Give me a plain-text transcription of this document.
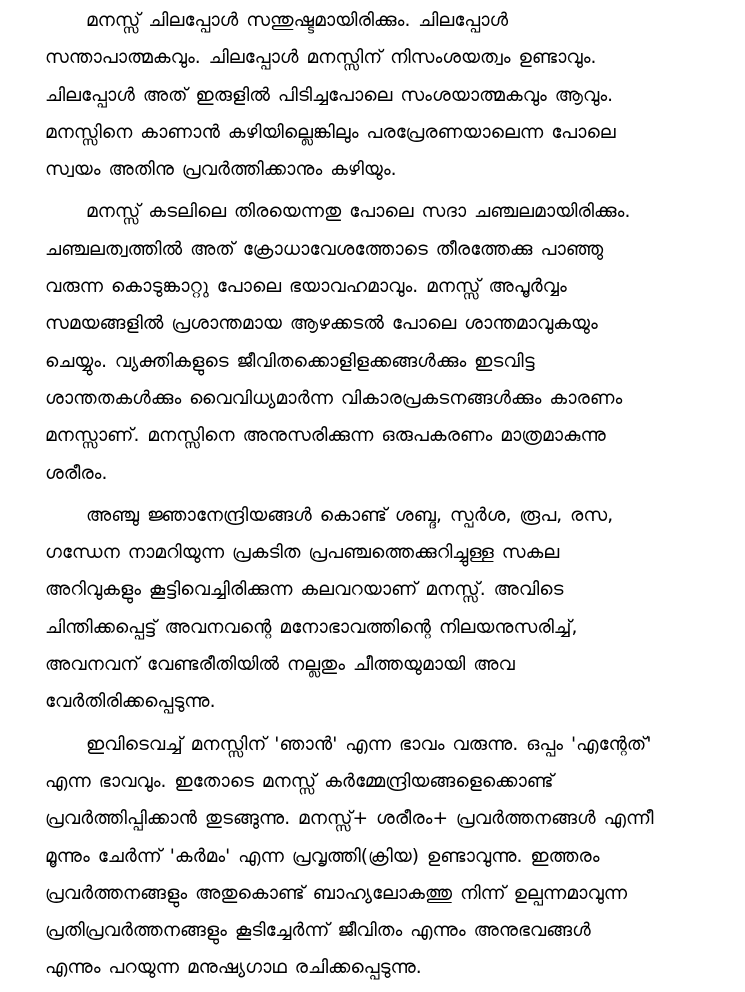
മനസ്സ് ചിലപ്പോൾ സന്തുഷ്ടമായിരിക്കും. ചിലപ്പോൾ
സന്താപാത്മകവും. ചിലപ്പോൾ മനസ്സിന് നിസംശയത്വം ഉണ്ടാവും.
ചിലപ്പോൾ അത് ഇരുളിൽ പിടിച്ചപോലെ സംശയാത്മകവും ആവും.
മനസ്സിനെ കാണാൻ കഴിയില്ലെങ്കിലും പരപ്രേരണയാലെന്ന പോലെ
സ്വയം അതിനു പ്രവർത്തിക്കാനും കഴിയും.
മനസ്സ് കടലിലെ തിരയെന്നതു പോലെ സദാ ചഞ്ചലമായിരിക്കും.
ചഞ്ചലത്വത്തിൽ അത് ക്രോധാവേശത്തോടെ തീരത്തേക്കു പാഞ്ഞു
വരുന്ന കൊടുങ്കാറ്റു പോലെ ഭയാവഹമാവും. മനസ്സ് അപൂർവ്വം
സമയങ്ങളിൽ പ്രശാന്തമായ ആഴക്കടൽ പോലെ ശാന്തമാവുകയും
ചെയ്യും. വ്യക്തികളുടെ ജീവിതക്കൊളിളക്കങ്ങൾക്കും ഇടവിട്ട
ശാന്തതകൾക്കും വൈവിധ്യമാർന്ന വികാരപ്രകടനങ്ങൾക്കും കാരണം
മനസ്സാണ്. മനസ്സിനെ അനുസരിക്കുന്ന ഒരുപകരണം മാത്രമാകുന്നു
ശരീരം.
അഞ്ചു ജ്ഞാനേന്ദ്രിയങ്ങൾ കൊണ്ട് ശബ്ദ, സ്പർശ, രൂപ, രസ,
ഗന്ധേന നാമറിയുന്ന പ്രകടിത പ്രപഞ്ചത്തെക്കുറിച്ചുള്ള സകല
അറിവുകളും കൂട്ടിവെച്ചിരിക്കുന്ന കലവറയാണ് മനസ്സ്. അവിടെ
ചിന്തിക്കപ്പെട്ട് അവനവന്റെ മനോഭാവത്തിന്റെ നിലയനുസരിച്ച്,
അവനവന് വേണ്ടരീതിയിൽ നല്ലതും ചീത്തയുമായി അവ
വേർതിരിക്കപ്പെടുന്നു.
ഇവിടെവച്ച് മനസ്സിന് 'ഞാൻ' എന്ന ഭാവം വരുന്നു. ഒപ്പം 'എന്റേത്'
എന്ന ഭാവവും. ഇതോടെ മനസ്സ് കർമ്മേന്ദ്രിയങ്ങളെക്കൊണ്ട്
പ്രവർത്തിപ്പിക്കാൻ തുടങ്ങുന്നു. മനസ്സ്+ ശരീരം+ പ്രവർത്തനങ്ങൾ എന്നീ
മൂന്നും ചേർന്ന് 'കർമം' എന്ന പ്രവൃത്തി(ക്രിയ) ഉണ്ടാവുന്നു. ഇത്തരം
പ്രവർത്തനങ്ങളും അതുകൊണ്ട് ബാഹ്യലോകത്തു നിന്ന് ഉല്പന്നമാവുന്ന
പ്രതിപ്രവർത്തനങ്ങളും കൂടിച്ചേർന്ന് ജീവിതം എന്നും അനുഭവങ്ങൾ
എന്നും പറയുന്ന മനുഷ്യഗാഥ രചിക്കപ്പെടുന്നു.
